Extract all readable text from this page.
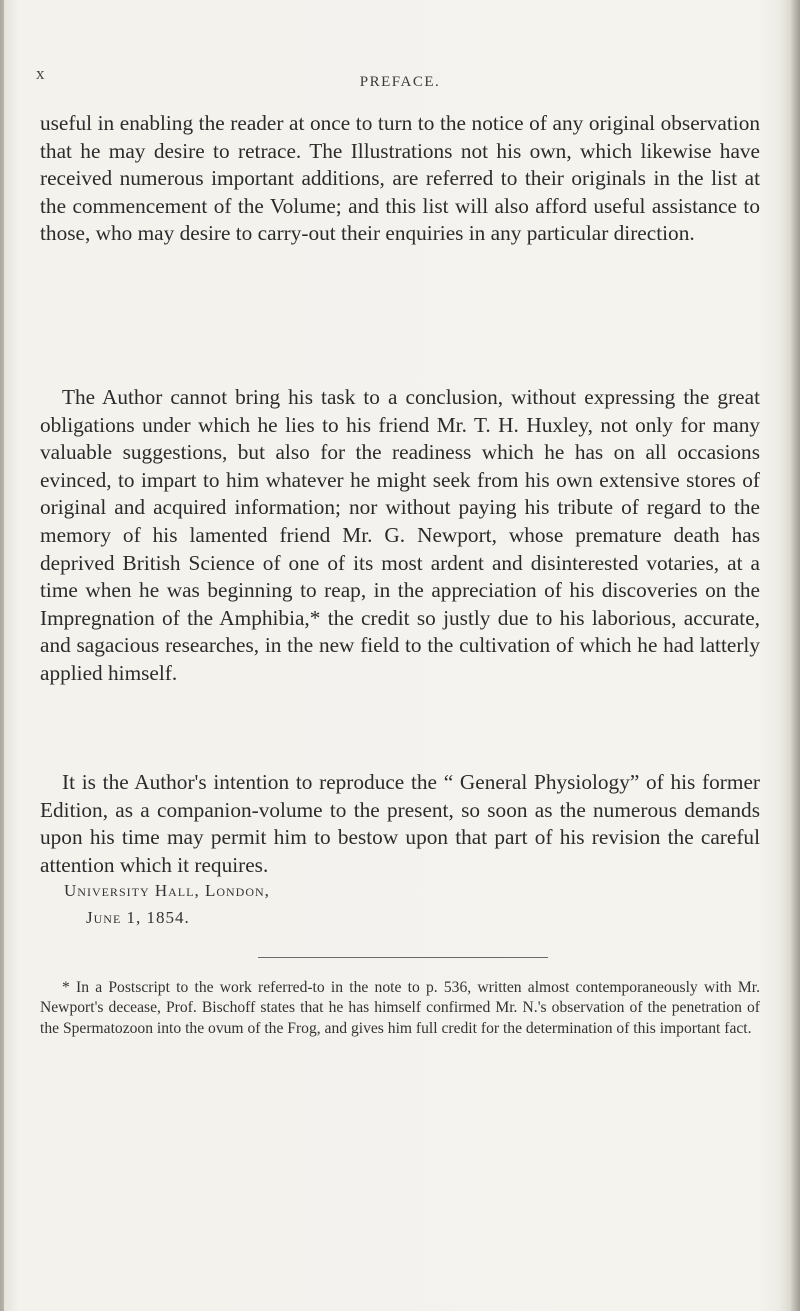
x	PREFACE.

useful in enabling the reader at once to turn to the notice of any original observation that he may desire to retrace. The Illustrations not his own, which likewise have received numerous important additions, are referred to their originals in the list at the commencement of the Volume; and this list will also afford useful assistance to those, who may desire to carry-out their enquiries in any particular direction.

The Author cannot bring his task to a conclusion, without expressing the great obligations under which he lies to his friend Mr. T. H. Huxley, not only for many valuable suggestions, but also for the readiness which he has on all occasions evinced, to impart to him whatever he might seek from his own extensive stores of original and acquired information; nor without paying his tribute of regard to the memory of his lamented friend Mr. G. Newport, whose premature death has deprived British Science of one of its most ardent and disinterested votaries, at a time when he was beginning to reap, in the appreciation of his discoveries on the Impregnation of the Amphibia,* the credit so justly due to his laborious, accurate, and sagacious researches, in the new field to the cultivation of which he had latterly applied himself.

It is the Author's intention to reproduce the “ General Physiology” of his former Edition, as a companion-volume to the present, so soon as the numerous demands upon his time may permit him to bestow upon that part of his revision the careful attention which it requires.

University Hall, London,
June 1, 1854.

* In a Postscript to the work referred-to in the note to p. 536, written almost contemporaneously with Mr. Newport's decease, Prof. Bischoff states that he has himself confirmed Mr. N.'s observation of the penetration of the Spermatozoon into the ovum of the Frog, and gives him full credit for the determination of this important fact.
